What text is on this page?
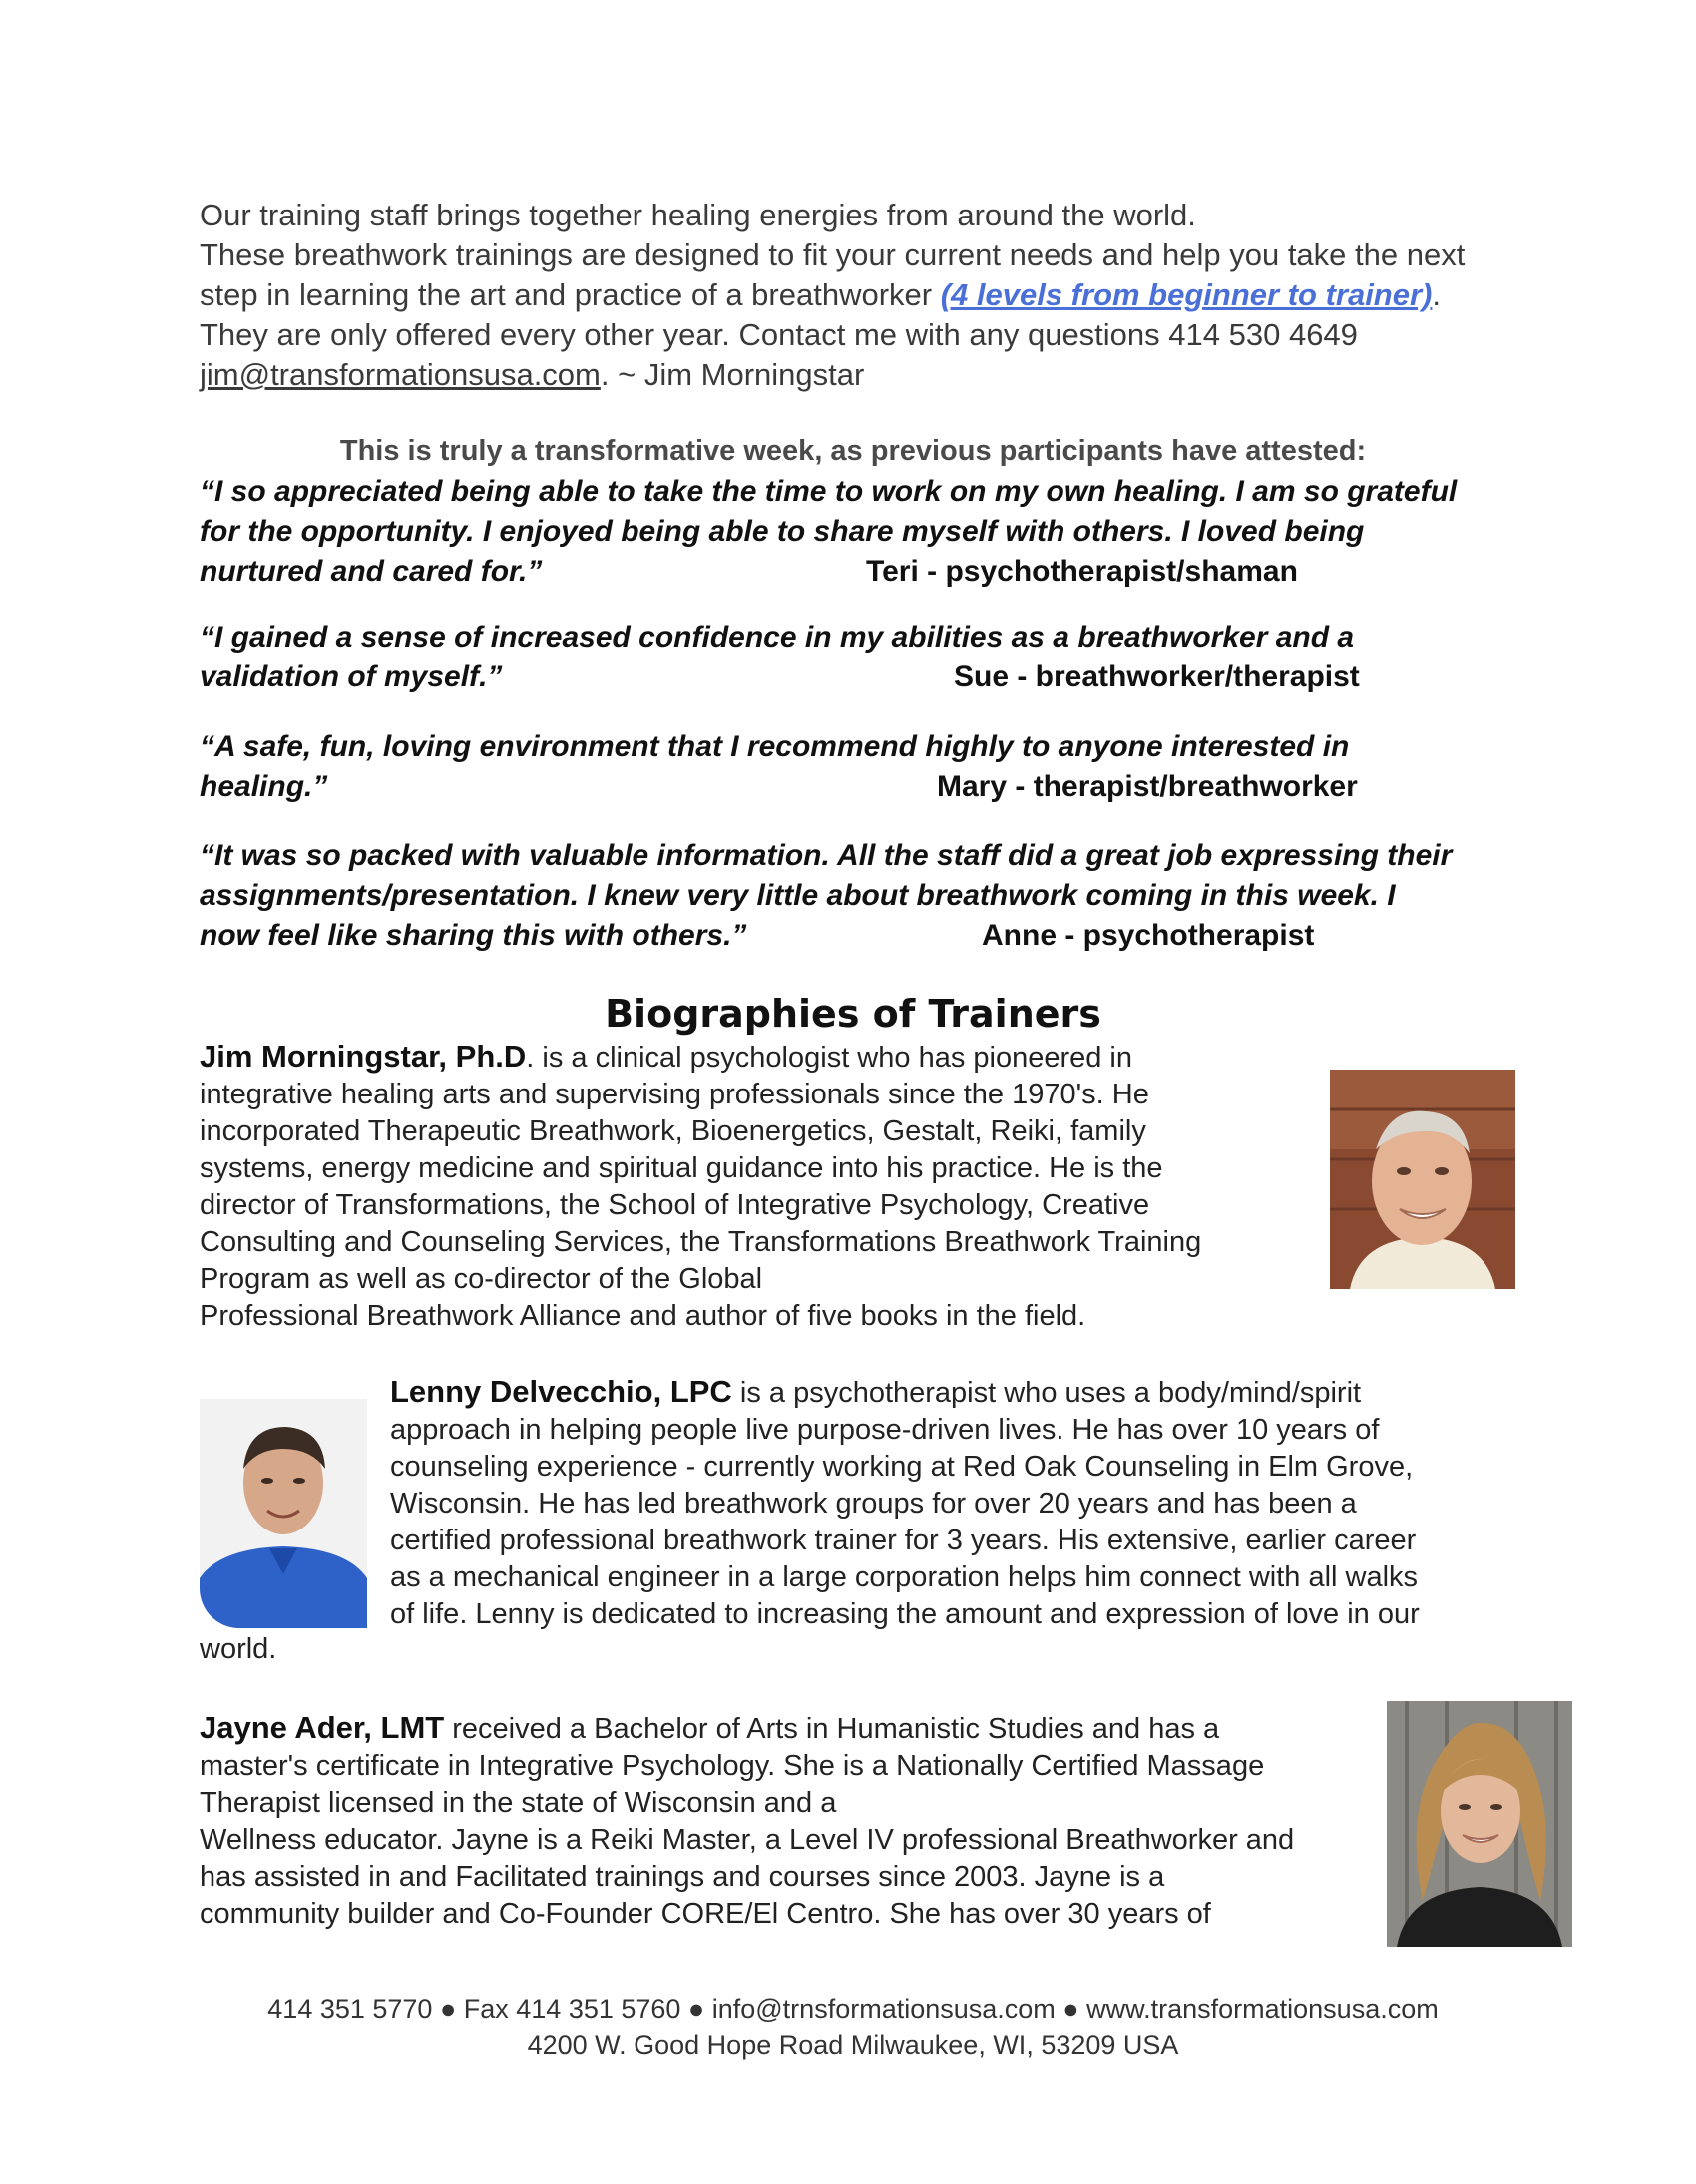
Our training staff brings together healing energies from around the world.

These breathwork trainings are designed to fit your current needs and help you take the next step in learning the art and practice of a breathworker (4 levels from beginner to trainer). They are only offered every other year. Contact me with any questions 414 530 4649 jim@transformationsusa.com. ~ Jim Morningstar

This is truly a transformative week, as previous participants have attested:
“I so appreciated being able to take the time to work on my own healing. I am so grateful
for the opportunity. I enjoyed being able to share myself with others. I loved being
nurtured and cared for.”	Teri - psychotherapist/shaman
“I gained a sense of increased confidence in my abilities as a breathworker and a
validation of myself.”	Sue - breathworker/therapist
“A safe, fun, loving environment that I recommend highly to anyone interested in
healing.”	Mary - therapist/breathworker
“It was so packed with valuable information. All the staff did a great job expressing their
assignments/presentation. I knew very little about breathwork coming in this week. I
now feel like sharing this with others.”	Anne - psychotherapist
Biographies of Trainers

Jim Morningstar, Ph.D. is a clinical psychologist who has pioneered in

integrative healing arts and supervising professionals since the 1970's. He

incorporated Therapeutic Breathwork, Bioenergetics, Gestalt, Reiki, family

systems, energy medicine and spiritual guidance into his practice. He is the

director of Transformations, the School of Integrative Psychology, Creative

Consulting and Counseling Services, the Transformations Breathwork Training

Program as well as co-director of the Global

Professional Breathwork Alliance and author of five books in the field.

Lenny Delvecchio, LPC is a psychotherapist who uses a body/mind/spirit

approach in helping people live purpose-driven lives. He has over 10 years of

counseling experience - currently working at Red Oak Counseling in Elm Grove,

Wisconsin. He has led breathwork groups for over 20 years and has been a

certified professional breathwork trainer for 3 years. His extensive, earlier career

as a mechanical engineer in a large corporation helps him connect with all walks

of life. Lenny is dedicated to increasing the amount and expression of love in our

world.

Jayne Ader, LMT received a Bachelor of Arts in Humanistic Studies and has a

master's certificate in Integrative Psychology. She is a Nationally Certified Massage

Therapist licensed in the state of Wisconsin and a

Wellness educator. Jayne is a Reiki Master, a Level IV professional Breathworker and

has assisted in and Facilitated trainings and courses since 2003. Jayne is a

community builder and Co-Founder CORE/El Centro. She has over 30 years of

414 351 5770 ● Fax 414 351 5760 ● info@trnsformationsusa.com ● www.transformationsusa.com
4200 W. Good Hope Road Milwaukee, WI, 53209 USA
